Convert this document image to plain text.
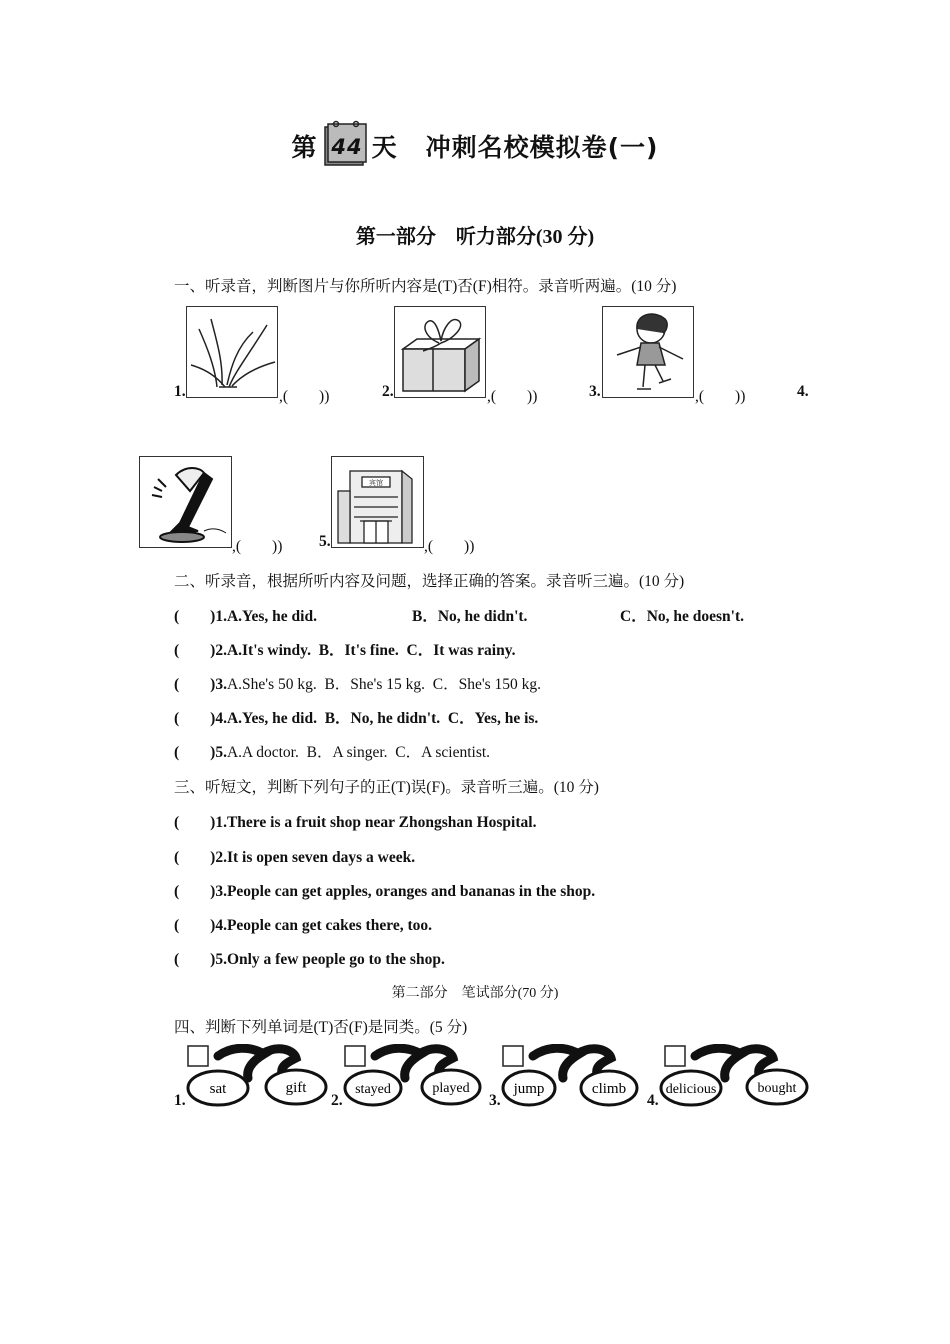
第 44 天 冲刺名校模拟卷(一)
第一部分　听力部分(30 分)
一、听录音，判断图片与你所听内容是(T)否(F)相符。录音听两遍。(10 分)
1.	,(　　))	2.	,(　　))	3.	,(　　))	4.
,(　　)) 5.
宾馆
,(　　))
二、听录音，根据所听内容及问题，选择正确的答案。录音听三遍。(10 分)
(　　)1.A.Yes, he did.	B．No, he didn't.	C．No, he doesn't.
(　　)2.A.It's windy.  B．It's fine.  C．It was rainy.
(　　)3.A.She's 50 kg.  B．She's 15 kg.  C．She's 150 kg.
(　　)4.A.Yes, he did.  B．No, he didn't.  C．Yes, he is.
(　　)5.A.A doctor.  B．A singer.  C．A scientist.
三、听短文，判断下列句子的正(T)误(F)。录音听三遍。(10 分)
(　　)1.There is a fruit shop near Zhongshan Hospital.
(　　)2.It is open seven days a week.
(　　)3.People can get apples, oranges and bananas in the shop.
(　　)4.People can get cakes there, too.
(　　)5.Only a few people go to the shop.
第二部分　笔试部分(70 分)
四、判断下列单词是(T)否(F)是同类。(5 分)
1.
sat	gift
2.
stayed	played
3.
jump	climb
4.
delicious	bought
